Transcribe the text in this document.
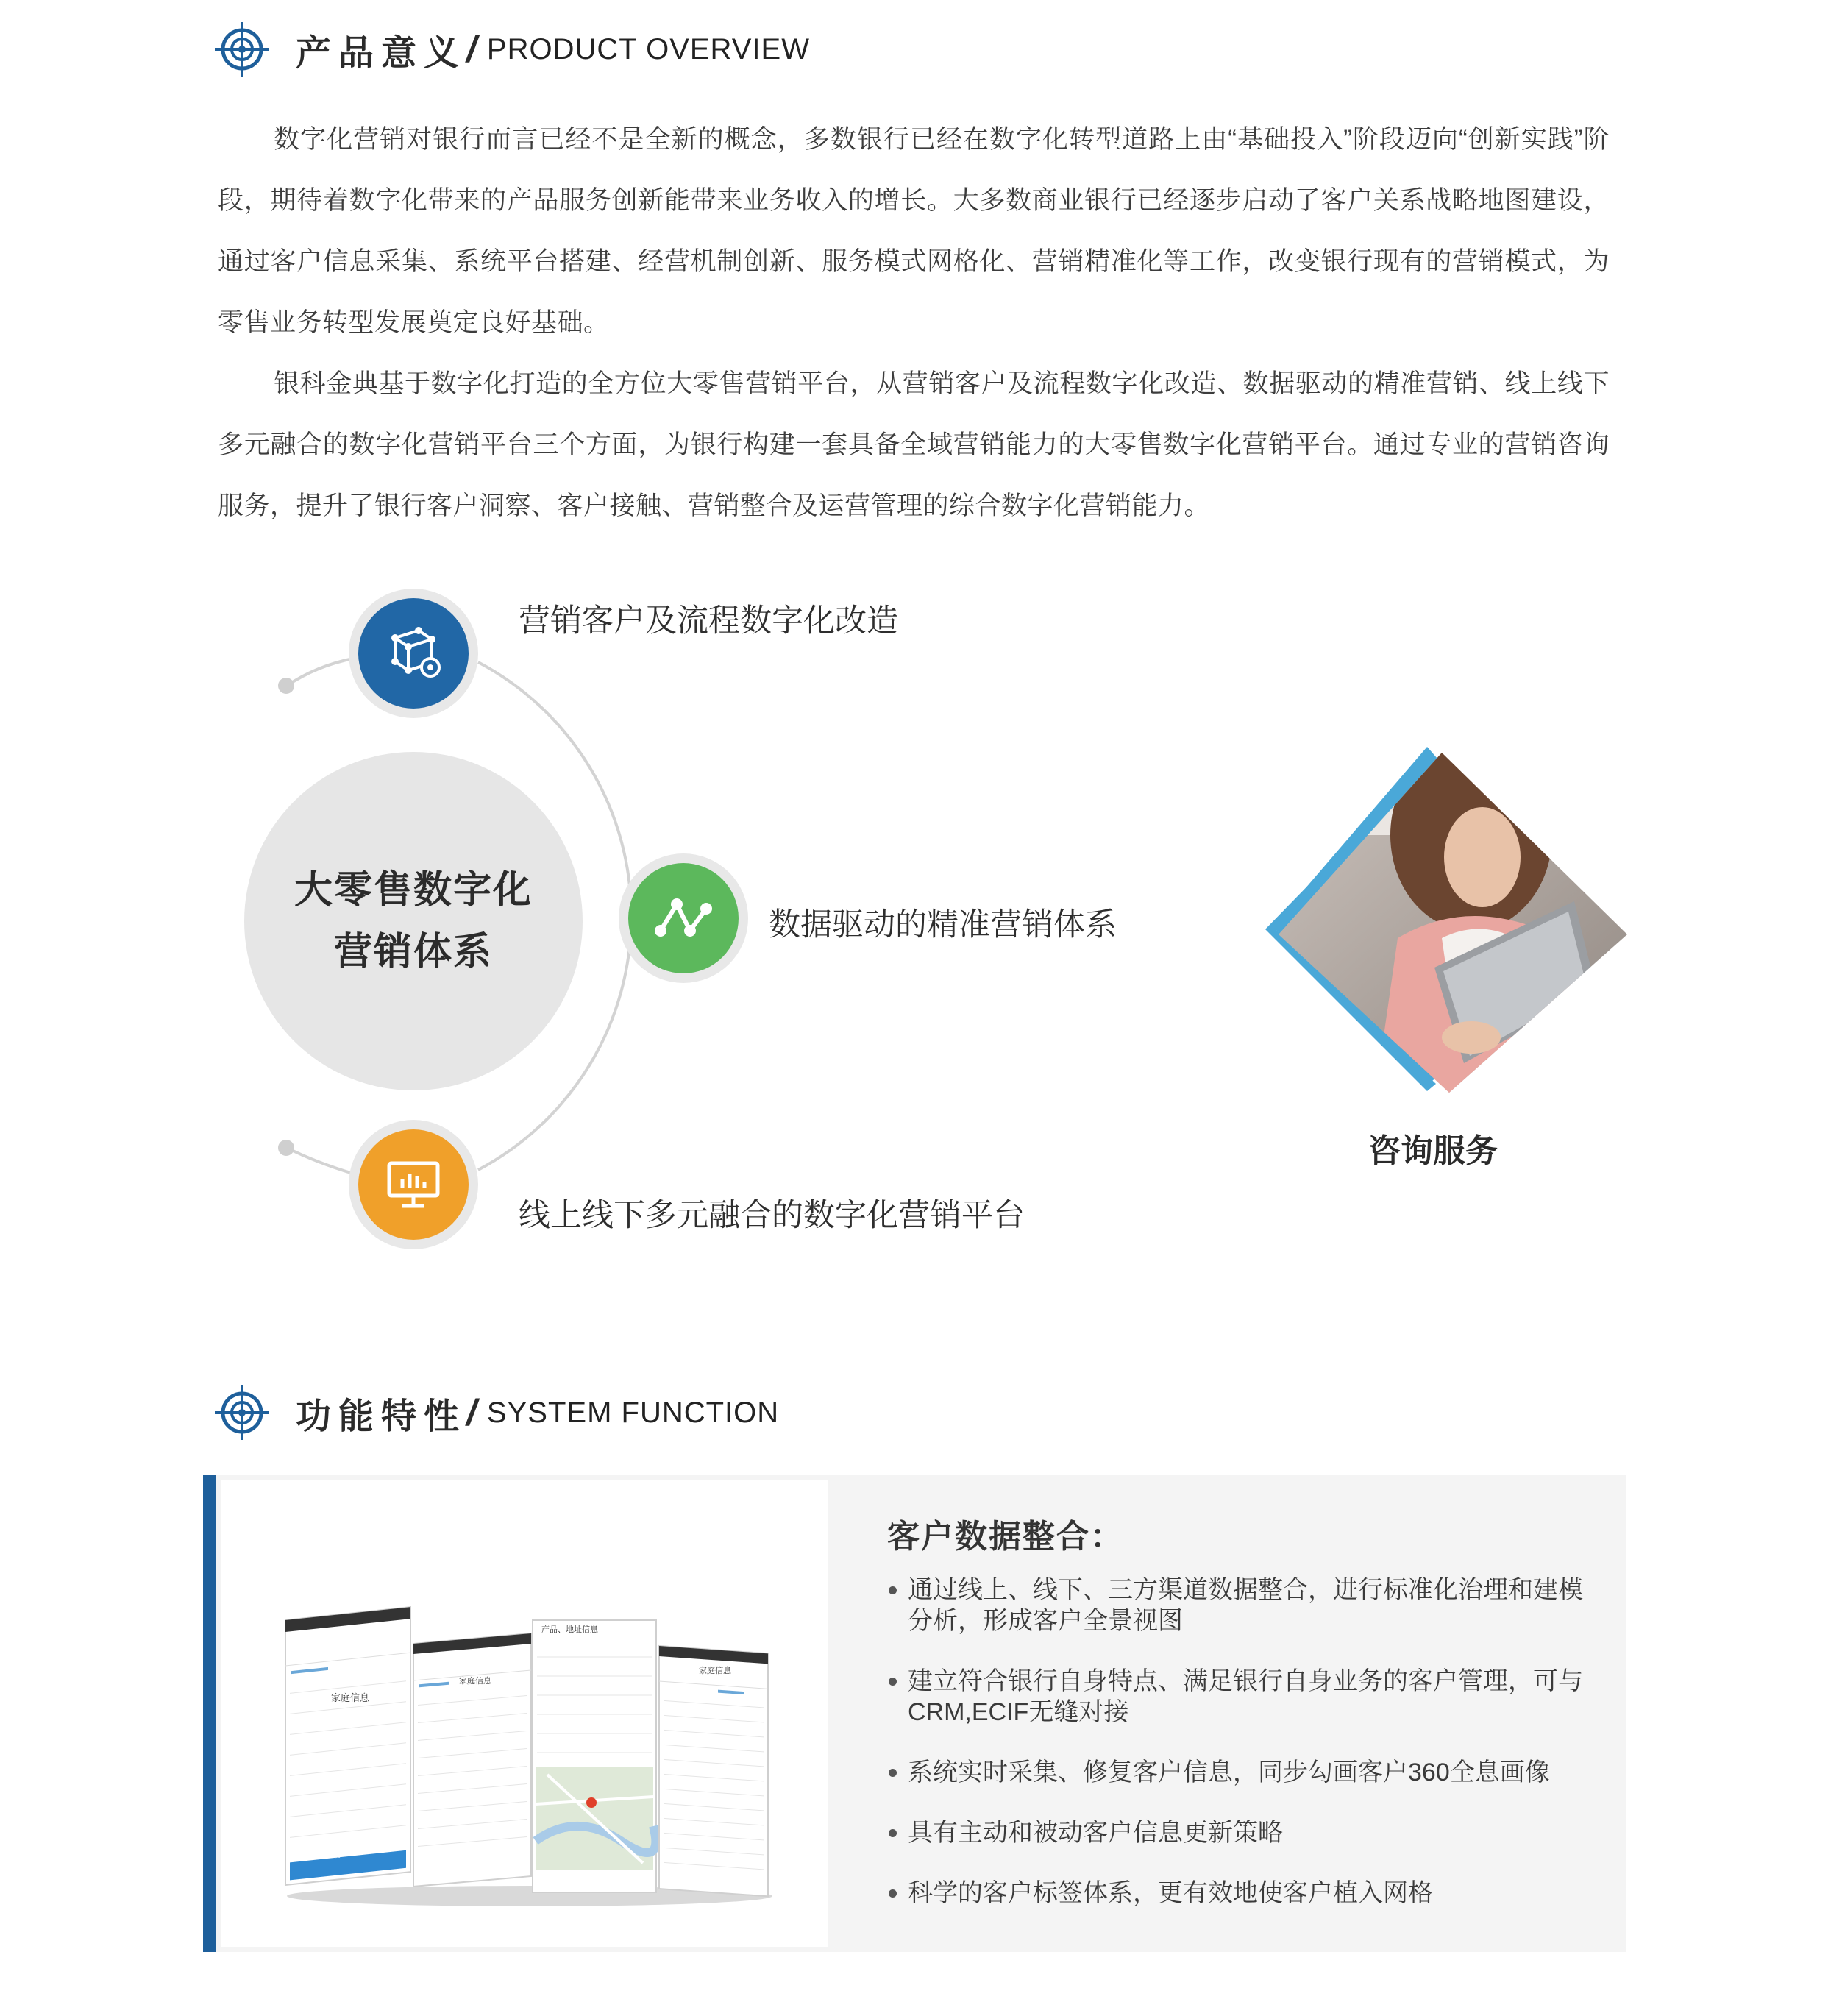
产品意义 / PRODUCT OVERVIEW

数字化营销对银行而言已经不是全新的概念，多数银行已经在数字化转型道路上由“基础投入”阶段迈向“创新实践”阶段，期待着数字化带来的产品服务创新能带来业务收入的增长。大多数商业银行已经逐步启动了客户关系战略地图建设，通过客户信息采集、系统平台搭建、经营机制创新、服务模式网格化、营销精准化等工作，改变银行现有的营销模式，为零售业务转型发展奠定良好基础。

银科金典基于数字化打造的全方位大零售营销平台，从营销客户及流程数字化改造、数据驱动的精准营销、线上线下多元融合的数字化营销平台三个方面，为银行构建一套具备全域营销能力的大零售数字化营销平台。通过专业的营销咨询服务，提升了银行客户洞察、客户接触、营销整合及运营管理的综合数字化营销能力。

大零售数字化
营销体系
营销客户及流程数字化改造
数据驱动的精准营销体系
线上线下多元融合的数字化营销平台
咨询服务
功能特性 / SYSTEM FUNCTION
家庭信息
保存
家庭信息
产品、地址信息
家庭信息
客户数据整合：
通过线上、线下、三方渠道数据整合，进行标准化治理和建模分析，形成客户全景视图
建立符合银行自身特点、满足银行自身业务的客户管理，可与CRM,ECIF无缝对接
系统实时采集、修复客户信息，同步勾画客户360全息画像
具有主动和被动客户信息更新策略
科学的客户标签体系，更有效地使客户植入网格
